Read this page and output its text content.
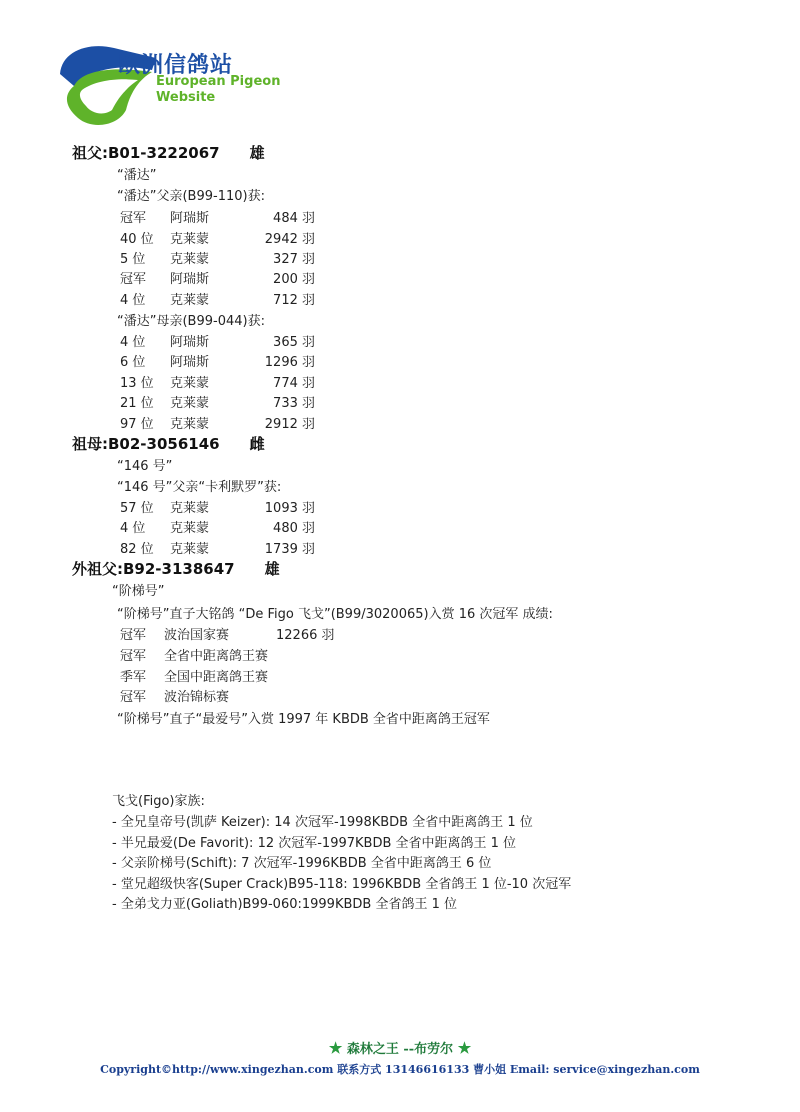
欧洲信鸽站
European Pigeon
Website
祖父:B01-3222067 雄
“潘达”
“潘达”父亲(B99-110)获:
冠军 阿瑞斯	484 羽
40 位 克莱蒙	2942 羽
5 位 克莱蒙	327 羽
冠军 阿瑞斯	200 羽
4 位 克莱蒙	712 羽
“潘达”母亲(B99-044)获:
4 位 阿瑞斯	365 羽
6 位 阿瑞斯	1296 羽
13 位 克莱蒙	774 羽
21 位 克莱蒙	733 羽
97 位 克莱蒙	2912 羽
祖母:B02-3056146 雌
“146 号”
“146 号”父亲“卡利默罗”获:
57 位 克莱蒙	1093 羽
4 位 克莱蒙	480 羽
82 位 克莱蒙	1739 羽
外祖父:B92-3138647 雄
“阶梯号”
“阶梯号”直子大铭鸽 “De Figo 飞戈”(B99/3020065)入赏 16 次冠军 成绩:
冠军 波治国家赛	12266 羽
冠军 全省中距离鸽王赛
季军 全国中距离鸽王赛
冠军 波治锦标赛
“阶梯号”直子“最爱号”入赏 1997 年 KBDB 全省中距离鸽王冠军
飞戈(Figo)家族:
- 全兄皇帝号(凯萨 Keizer): 14 次冠军-1998KBDB 全省中距离鸽王 1 位
- 半兄最爱(De Favorit): 12 次冠军-1997KBDB 全省中距离鸽王 1 位
- 父亲阶梯号(Schift): 7 次冠军-1996KBDB 全省中距离鸽王 6 位
- 堂兄超级快客(Super Crack)B95-118: 1996KBDB 全省鸽王 1 位-10 次冠军
- 全弟戈力亚(Goliath)B99-060:1999KBDB 全省鸽王 1 位
★ 森林之王 --布劳尔 ★
Copyright©http://www.xingezhan.com 联系方式 13146616133 曹小姐 Email: service@xingezhan.com
